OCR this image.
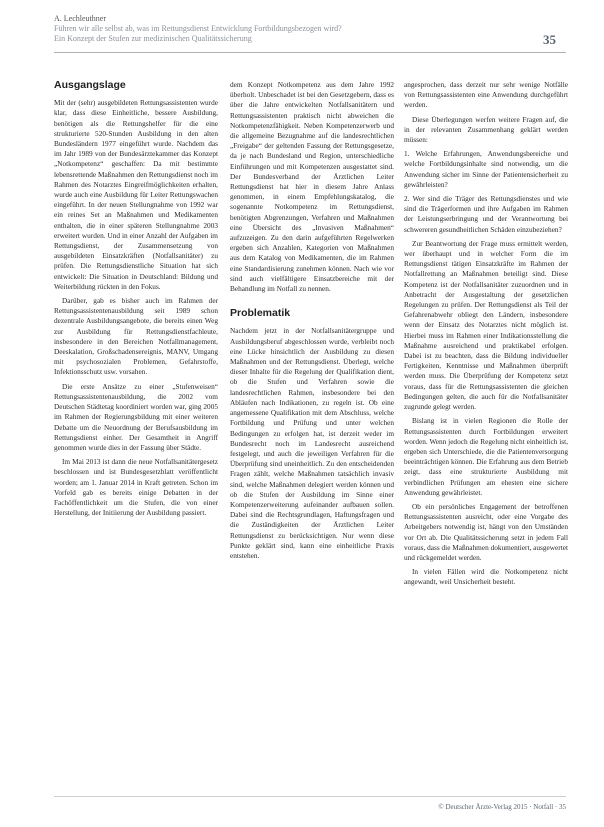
A. Lechleuthner
Führen wir alle selbst ab, was im Rettungsdienst Entwicklung Fortbildungsbezogen wird?
Ein Konzept der Stufen zur medizinischen Qualitätssicherung	35
Ausgangslage

Mit der (sehr) ausgebildeten Rettungsassistenten wurde klar, dass diese Einheitliche, bessere Ausbildung, benötigen als die Rettungshelfer für die eine strukturierte 520-Stunden Ausbildung in den alten Bundesländern 1977 eingeführt wurde. Nachdem das im Jahr 1989 von der Bundesärztekammer das Konzept „Notkompetenz“ geschaffen: Da mit bestimmte lebensrettende Maßnahmen den Rettungsdienst noch im Rahmen des Notarztes Eingreifmöglichkeiten erhalten, wurde auch eine Ausbildung für Leiter Rettungswachen eingeführt. In der neuen Stellungnahme von 1992 war ein reines Set an Maßnahmen und Medikamenten enthalten, die in einer späteren Stellungnahme 2003 erweitert wurden. Und in einer Anzahl der Aufgaben im Rettungsdienst, der Zusammensetzung von ausgebildeten Einsatzkräften (Notfallsanitäter) zu prüfen. Die Rettungsdienstliche Situation hat sich entwickelt: Die Situation in Deutschland: Bildung und Weiterbildung rückten in den Fokus.

Darüber, gab es bisher auch im Rahmen der Rettungsassistentenausbildung seit 1989 schon dezentrale Ausbildungsangebote, die bereits einen Weg zur Ausbildung für Rettungsdienstfachleute, insbesondere in den Bereichen Notfallmanagement, Deeskalation, Großschadensereignis, MANV, Umgang mit psychosozialen Problemen, Gefahrstoffe, Infektionsschutz usw. vorsahen.

Die erste Ansätze zu einer „Stufenweisen“ Rettungsassistentenausbildung, die 2002 vom Deutschen Städtetag koordiniert worden war, ging 2005 im Rahmen der Regierungsbildung mit einer weiteren Debatte um die Neuordnung der Berufsausbildung im Rettungsdienst einher. Der Gesamtheit in Angriff genommen wurde dies in der Fassung über Städte.

Im Mai 2013 ist dann die neue Notfallsanitätergesetz beschlossen und ist Bundesgesetzblatt veröffentlicht worden; am 1. Januar 2014 in Kraft getreten. Schon im Vorfeld gab es bereits einige Debatten in der Fachöffentlichkeit um die Stufen, die von einer Herstellung, der Initiierung der Ausbildung passiert.

dem Konzept Notkompetenz aus dem Jahre 1992 überholt. Unbeschadet ist bei den Gesetzgebern, dass es über die Jahre entwickelten Notfallsanitätern und Rettungsassistenten praktisch nicht abweichen die Notkompetenzfähigkeit. Neben Kompetenzerwerb und die allgemeine Bezugnahme auf die landesrechtlichen „Freigabe“ der geltenden Fassung der Rettungsgesetze, da je nach Bundesland und Region, unterschiedliche Einführungen und mit Kompetenzen ausgestattet sind. Der Bundesverband der Ärztlichen Leiter Rettungsdienst hat hier in diesem Jahre Anlass genommen, in einem Empfehlungskatalog, die sogenannte Notkompetenz im Rettungsdienst, benötigten Abgrenzungen, Verfahren und Maßnahmen eine Übersicht des „Invasiven Maßnahmen“ aufzuzeigen. Zu den darin aufgeführten Regelwerken ergeben sich Anzahlen, Kategorien von Maßnahmen aus dem Katalog von Medikamenten, die im Rahmen eine Standardisierung zunehmen können. Nach wie vor sind auch vielfältigere Einsatzbereiche mit der Behandlung im Notfall zu nennen.

Problematik

Nachdem jetzt in der Notfallsanitätergruppe und Ausbildungsberuf abgeschlossen wurde, verbleibt noch eine Lücke hinsichtlich der Ausbildung zu diesen Maßnahmen und der Rettungsdienst. Überlegt, welche dieser Inhalte für die Regelung der Qualifikation dient, ob die Stufen und Verfahren sowie die landesrechtlichen Rahmen, insbesondere bei den Abläufen nach Indikationen, zu regeln ist. Ob eine angemessene Qualifikation mit dem Abschluss, welche Fortbildung und Prüfung und unter welchen Bedingungen zu erfolgen hat, ist derzeit weder im Bundesrecht noch im Landesrecht ausreichend festgelegt, und auch die jeweiligen Verfahren für die Überprüfung sind uneinheitlich. Zu den entscheidenden Fragen zählt, welche Maßnahmen tatsächlich invasiv sind, welche Maßnahmen delegiert werden können und ob die Stufen der Ausbildung im Sinne einer Kompetenzerweiterung aufeinander aufbauen sollen. Dabei sind die Rechtsgrundlagen, Haftungsfragen und die Zuständigkeiten der Ärztlichen Leiter Rettungsdienst zu berücksichtigen. Nur wenn diese Punkte geklärt sind, kann eine einheitliche Praxis entstehen.

angesprochen, dass derzeit nur sehr wenige Notfälle von Rettungsassistenten eine Anwendung durchgeführt werden.

Diese Überlegungen werfen weitere Fragen auf, die in der relevanten Zusammenhang geklärt werden müssen:

1. Welche Erfahrungen, Anwendungsbereiche und welche Fortbildungsinhalte sind notwendig, um die Anwendung sicher im Sinne der Patientensicherheit zu gewährleisten?

2. Wer sind die Träger des Rettungsdienstes und wie sind die Trägerformen und ihre Aufgaben im Rahmen der Leistungserbringung und der Verantwortung bei schwereren gesundheitlichen Schäden einzubeziehen?

Zur Beantwortung der Frage muss ermittelt werden, wer überhaupt und in welcher Form die im Rettungsdienst tätigen Einsatzkräfte im Rahmen der Notfallrettung an Maßnahmen beteiligt sind. Diese Kompetenz ist der Notfallsanitäter zuzuordnen und in Anbetracht der Ausgestaltung der gesetzlichen Regelungen zu prüfen. Der Rettungsdienst als Teil der Gefahrenabwehr obliegt den Ländern, insbesondere wenn der Einsatz des Notarztes nicht möglich ist. Hierbei muss im Rahmen einer Indikationsstellung die Maßnahme ausreichend und praktikabel erfolgen. Dabei ist zu beachten, dass die Bildung individueller Fertigkeiten, Kenntnisse und Maßnahmen überprüft werden muss. Die Überprüfung der Kompetenz setzt voraus, dass für die Rettungsassistenten die gleichen Bedingungen gelten, die auch für die Notfallsanitäter zugrunde gelegt werden.

Bislang ist in vielen Regionen die Rolle der Rettungsassistenten durch Fortbildungen erweitert worden. Wenn jedoch die Regelung nicht einheitlich ist, ergeben sich Unterschiede, die die Patientenversorgung beeinträchtigen können. Die Erfahrung aus dem Betrieb zeigt, dass eine strukturierte Ausbildung mit verbindlichen Prüfungen am ehesten eine sichere Anwendung gewährleistet.

Ob ein persönliches Engagement der betroffenen Rettungsassistenten ausreicht, oder eine Vorgabe des Arbeitgebers notwendig ist, hängt von den Umständen vor Ort ab. Die Qualitätssicherung setzt in jedem Fall voraus, dass die Maßnahmen dokumentiert, ausgewertet und rückgemeldet werden.

In vielen Fällen wird die Notkompetenz nicht angewandt, weil Unsicherheit besteht.

© Deutscher Ärzte-Verlag 2015 · Notfall · 35
